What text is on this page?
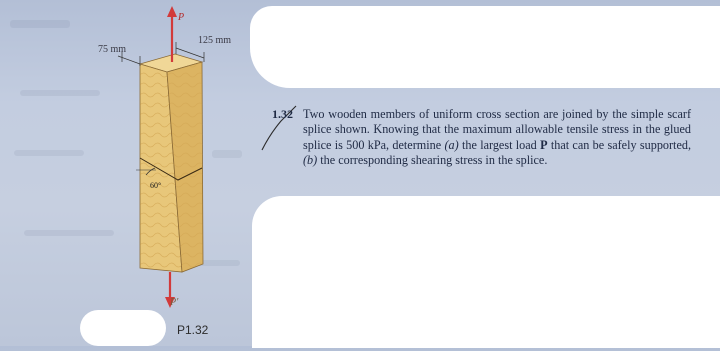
75 mm
125 mm
P
P′
60°
P1.32
1.32 Two wooden members of uniform cross section are joined by the simple scarf splice shown. Knowing that the maximum allowable tensile stress in the glued splice is 500 kPa, determine (a) the largest load P that can be safely supported, (b) the corresponding shearing stress in the splice.
